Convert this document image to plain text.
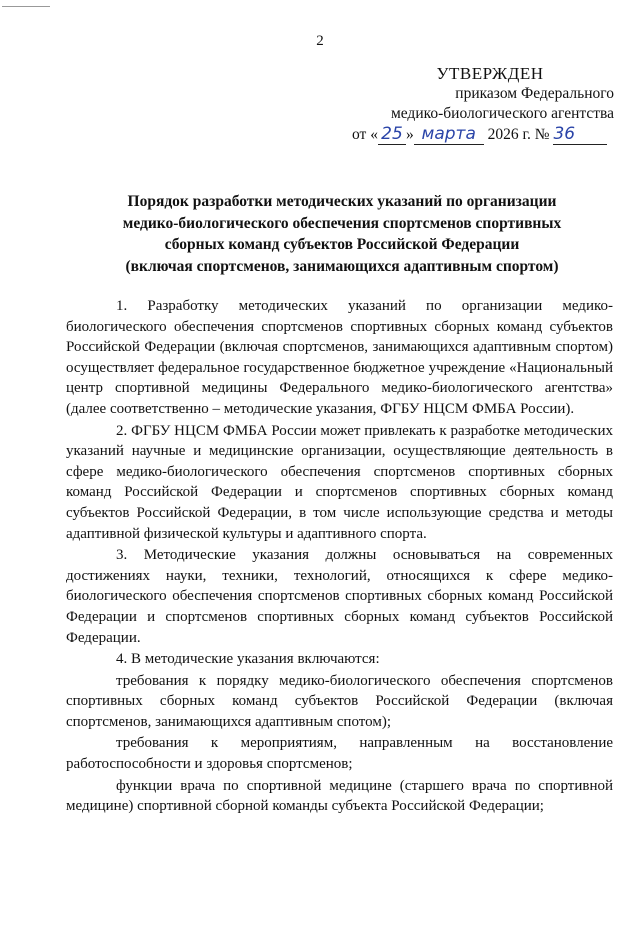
2
УТВЕРЖДЕН
приказом Федерального
медико-биологического агентства
от « 25 » марта 2026 г. № 36
Порядок разработки методических указаний по организации
медико-биологического обеспечения спортсменов спортивных
сборных команд субъектов Российской Федерации
(включая спортсменов, занимающихся адаптивным спортом)

1. Разработку методических указаний по организации медико-биологического обеспечения спортсменов спортивных сборных команд субъектов Российской Федерации (включая спортсменов, занимающихся адаптивным спортом) осуществляет федеральное государственное бюджетное учреждение «Национальный центр спортивной медицины Федерального медико-биологического агентства» (далее соответственно – методические указания, ФГБУ НЦСМ ФМБА России).

2. ФГБУ НЦСМ ФМБА России может привлекать к разработке методических указаний научные и медицинские организации, осуществляющие деятельность в сфере медико-биологического обеспечения спортсменов спортивных сборных команд Российской Федерации и спортсменов спортивных сборных команд субъектов Российской Федерации, в том числе использующие средства и методы адаптивной физической культуры и адаптивного спорта.

3. Методические указания должны основываться на современных достижениях науки, техники, технологий, относящихся к сфере медико-биологического обеспечения спортсменов спортивных сборных команд Российской Федерации и спортсменов спортивных сборных команд субъектов Российской Федерации.

4. В методические указания включаются:

требования к порядку медико-биологического обеспечения спортсменов спортивных сборных команд субъектов Российской Федерации (включая спортсменов, занимающихся адаптивным спотом);

требования к мероприятиям, направленным на восстановление работоспособности и здоровья спортсменов;

функции врача по спортивной медицине (старшего врача по спортивной медицине) спортивной сборной команды субъекта Российской Федерации;
